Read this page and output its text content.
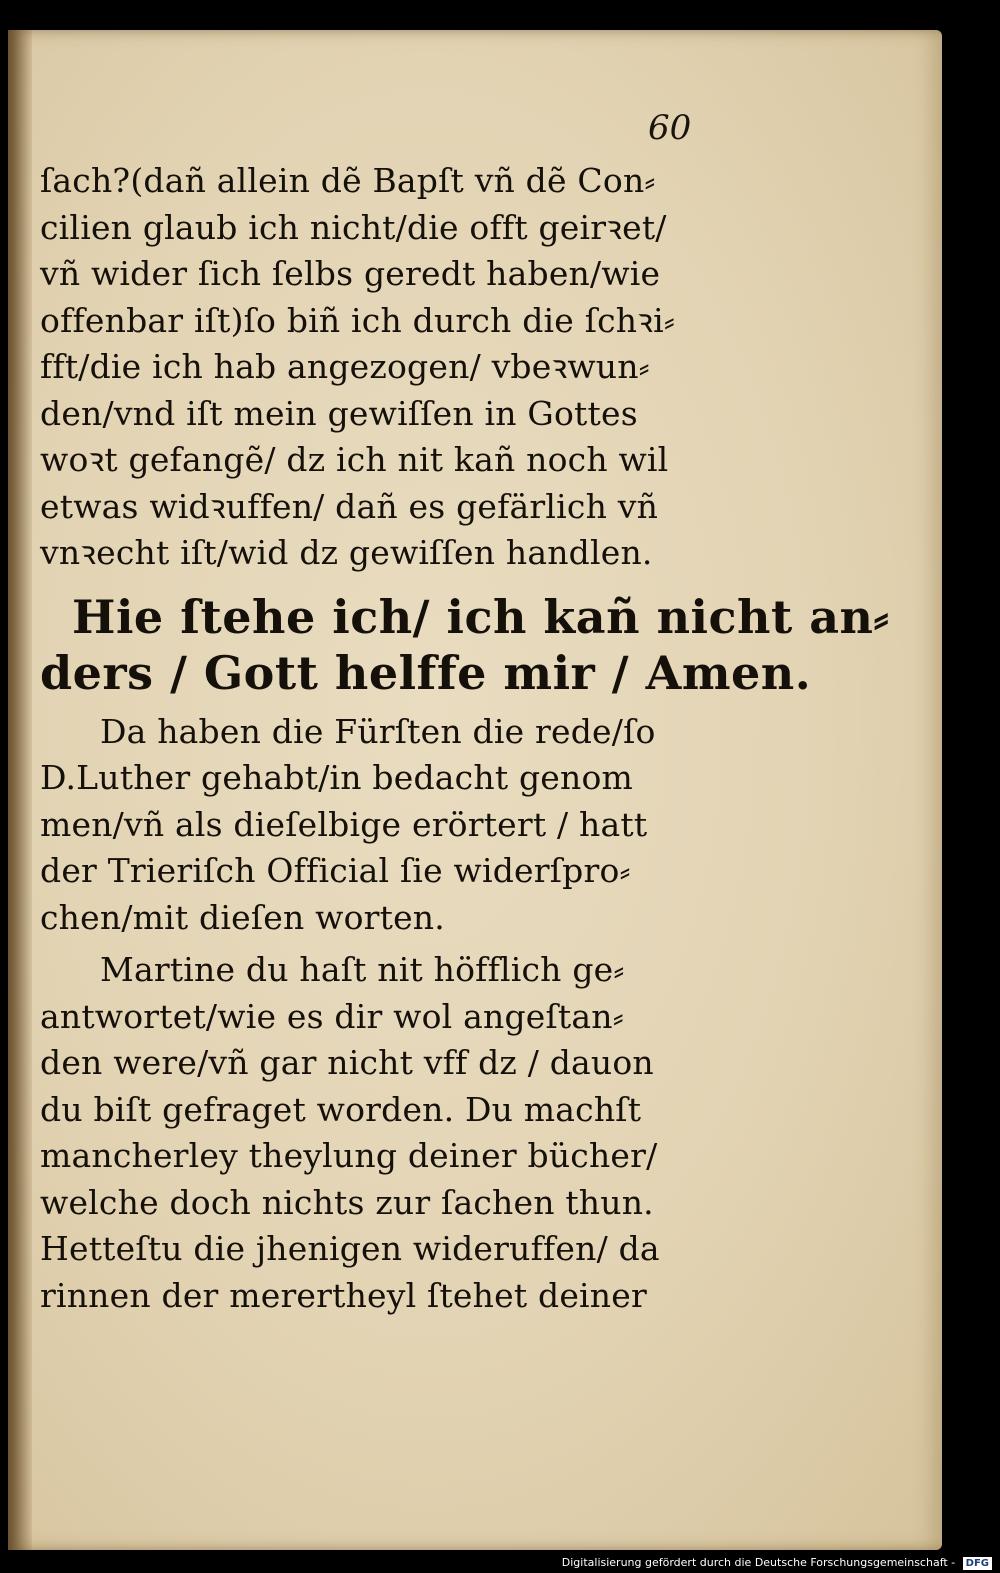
60
ſach?(dañ allein dẽ Bapſt vñ dẽ Con⸗
cilien glaub ich nicht/die offt geirꝛet/
vñ wider ſich ſelbs geredt haben/wie
offenbar iſt)ſo biñ ich durch die ſchꝛi⸗
fft/die ich hab angezogen/ vbeꝛwun⸗
den/vnd iſt mein gewiſſen in Gottes
woꝛt gefangẽ/ dz ich nit kañ noch wil
etwas widꝛuffen/ dañ es gefärlich vñ
vnꝛecht iſt/wid dz gewiſſen handlen.
Hie ſtehe ich/ ich kañ nicht an⸗
ders / Gott helffe mir / Amen.
Da haben die Fürſten die rede/ſo
D.Luther gehabt/in bedacht genom
men/vñ als dieſelbige erörtert / hatt
der Trieriſch Official ſie widerſpro⸗
chen/mit dieſen worten.
Martine du haſt nit höfflich ge⸗
antwortet/wie es dir wol angeſtan⸗
den were/vñ gar nicht vff dz / dauon
du biſt gefraget worden. Du machſt
mancherley theylung deiner bücher/
welche doch nichts zur ſachen thun.
Hetteſtu die jhenigen wideruffen/ da
rinnen der merertheyl ſtehet deiner
Digitalisierung gefördert durch die Deutsche Forschungsgemeinschaft - DFG
